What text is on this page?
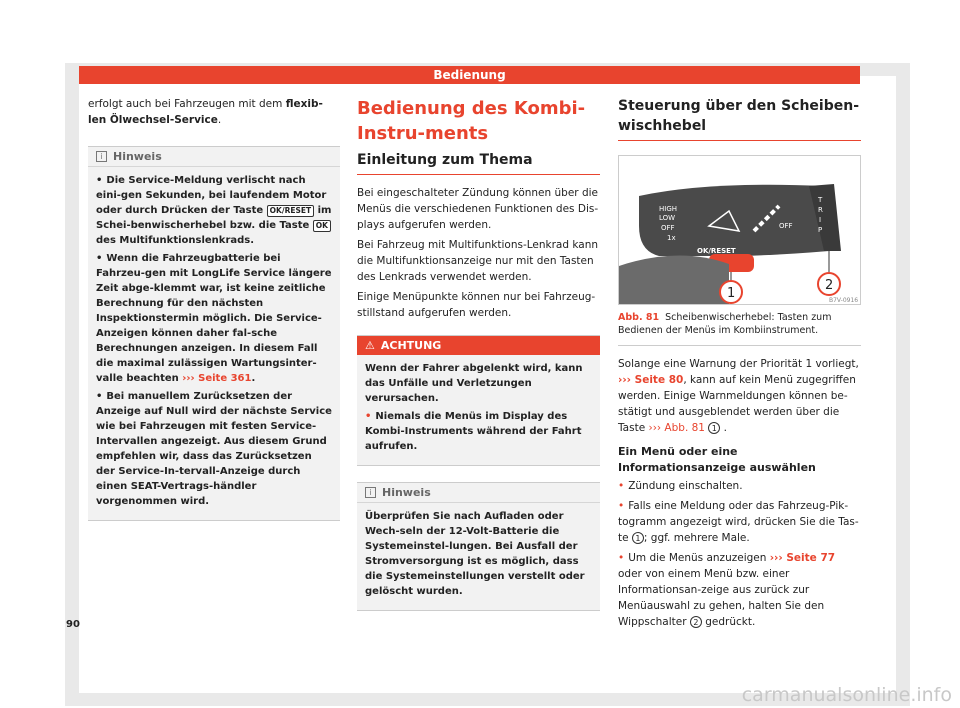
Bedienung

erfolgt auch bei Fahrzeugen mit dem flexib-len Ölwechsel-Service.

i Hinweis

• Die Service-Meldung verlischt nach eini-gen Sekunden, bei laufendem Motor oder durch Drücken der Taste OK/RESET im Schei-benwischerhebel bzw. die Taste OK des Multifunktionslenkrads.

• Wenn die Fahrzeugbatterie bei Fahrzeu-gen mit LongLife Service längere Zeit abge-klemmt war, ist keine zeitliche Berechnung für den nächsten Inspektionstermin möglich. Die Service-Anzeigen können daher fal-sche Berechnungen anzeigen. In diesem Fall die maximal zulässigen Wartungsinter-valle beachten ››› Seite 361.

• Bei manuellem Zurücksetzen der Anzeige auf Null wird der nächste Service wie bei Fahrzeugen mit festen Service-Intervallen angezeigt. Aus diesem Grund empfehlen wir, dass das Zurücksetzen der Service-In-tervall-Anzeige durch einen SEAT-Vertrags-händler vorgenommen wird.

Bedienung des Kombi-Instru-ments
Einleitung zum Thema

Bei eingeschalteter Zündung können über die Menüs die verschiedenen Funktionen des Dis-plays aufgerufen werden.

Bei Fahrzeug mit Multifunktions-Lenkrad kann die Multifunktionsanzeige nur mit den Tasten des Lenkrads verwendet werden.

Einige Menüpunkte können nur bei Fahrzeug-stillstand aufgerufen werden.

⚠ ACHTUNG

Wenn der Fahrer abgelenkt wird, kann das Unfälle und Verletzungen verursachen.

• Niemals die Menüs im Display des Kombi-Instruments während der Fahrt aufrufen.

i Hinweis

Überprüfen Sie nach Aufladen oder Wech-seln der 12-Volt-Batterie die Systemeinstel-lungen. Bei Ausfall der Stromversorgung ist es möglich, dass die Systemeinstellungen verstellt oder gelöscht wurden.

Steuerung über den Scheiben-wischhebel
HIGH
LOW
OFF
1x
OFF
T
R
I
P
OK/RESET
1
2
B7V-0916
Abb. 81 Scheibenwischerhebel: Tasten zum Bedienen der Menüs im Kombiinstrument.

Solange eine Warnung der Priorität 1 vorliegt, ››› Seite 80, kann auf kein Menü zugegriffen werden. Einige Warnmeldungen können be-stätigt und ausgeblendet werden über die Taste ››› Abb. 81 1 .

Ein Menü oder eine Informationsanzeige auswählen

• Zündung einschalten.

• Falls eine Meldung oder das Fahrzeug-Pik-togramm angezeigt wird, drücken Sie die Tas-te 1 ; ggf. mehrere Male.

• Um die Menüs anzuzeigen ››› Seite 77 oder von einem Menü bzw. einer Informationsan-zeige aus zurück zur Menüauswahl zu gehen, halten Sie den Wippschalter 2 gedrückt.

90
carmanualsonline.info
